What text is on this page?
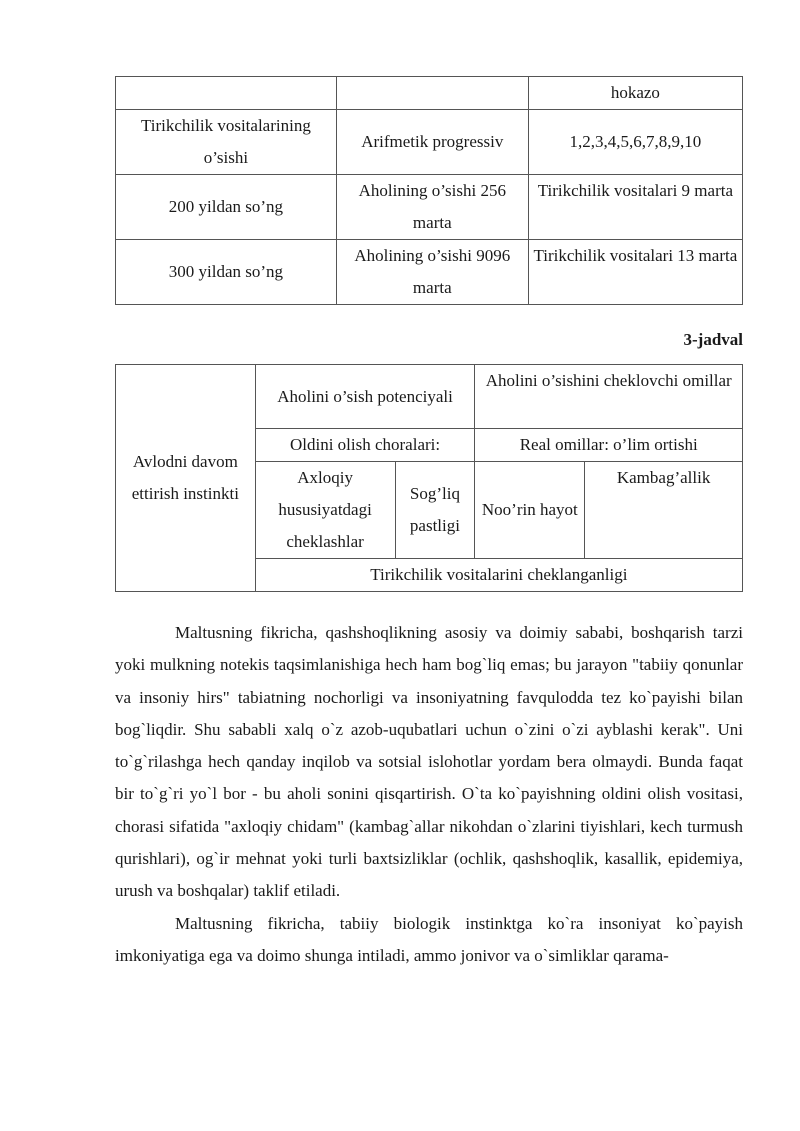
		hokazo
Tirikchilik vositalarining o’sishi	Arifmetik progressiv	1,2,3,4,5,6,7,8,9,10
200 yildan so’ng	Aholining o’sishi 256 marta	Tirikchilik vositalari 9 marta
300 yildan so’ng	Aholining o’sishi 9096 marta	Tirikchilik vositalari 13 marta
3-jadval
Avlodni davom ettirish instinkti	Aholini o’sish potenciyali		Aholini o’sishini cheklovchi omillar	
	Oldini olish choralari:		Real omillar: o’lim ortishi	
	Axloqiy hususiyatdagi cheklashlar	Sog’liq pastligi	Noo’rin hayot	Kambag’allik
	Tirikchilik vositalarini cheklanganligi			

Maltusning fikricha, qashshoqlikning asosiy va doimiy sababi, boshqarish tarzi yoki mulkning notekis taqsimlanishiga hech ham bog`liq emas; bu jarayon "tabiiy qonunlar va insoniy hirs" tabiatning nochorligi va insoniyatning favqulodda tez ko`payishi bilan bog`liqdir. Shu sababli xalq o`z azob-uqubatlari uchun o`zini o`zi ayblashi kerak". Uni to`g`rilashga hech qanday inqilob va sotsial islohotlar yordam bera olmaydi. Bunda faqat bir to`g`ri yo`l bor - bu aholi sonini qisqartirish. O`ta ko`payishning oldini olish vositasi, chorasi sifatida "axloqiy chidam" (kambag`allar nikohdan o`zlarini tiyishlari, kech turmush qurishlari), og`ir mehnat yoki turli baxtsizliklar (ochlik, qashshoqlik, kasallik, epidemiya, urush va boshqalar) taklif etiladi.

Maltusning fikricha, tabiiy biologik instinktga ko`ra insoniyat ko`payish imkoniyatiga ega va doimo shunga intiladi, ammo jonivor va o`simliklar qarama-
